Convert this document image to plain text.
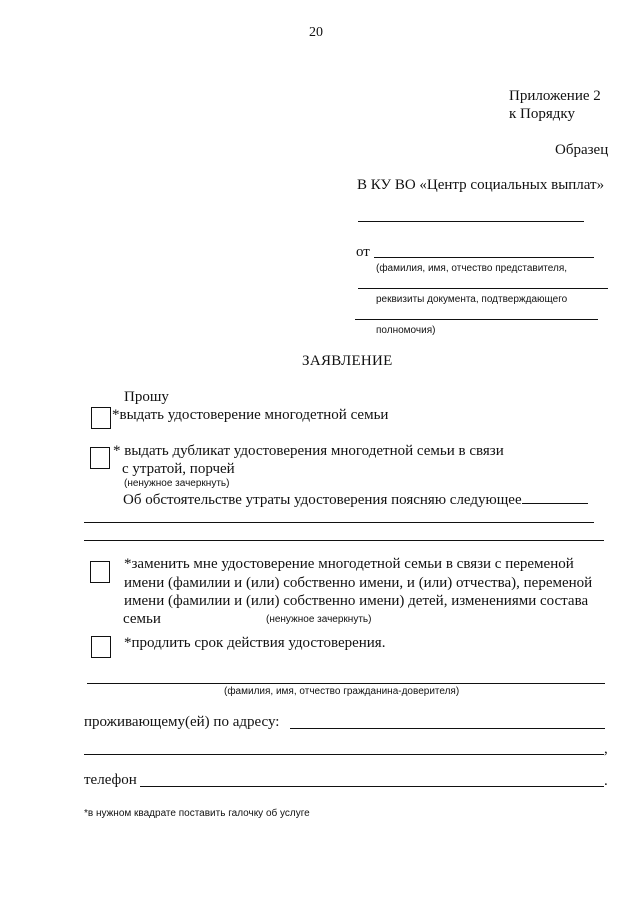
20
Приложение 2
к Порядку
Образец
В КУ ВО «Центр социальных выплат»
от
(фамилия, имя, отчество представителя,
реквизиты документа, подтверждающего
полномочия)
ЗАЯВЛЕНИЕ
Прошу
*выдать удостоверение многодетной семьи
* выдать дубликат удостоверения многодетной семьи в связи
с утратой, порчей
(ненужное зачеркнуть)
Об обстоятельстве утраты удостоверения поясняю следующее
*заменить мне удостоверение многодетной семьи в связи с переменой
имени (фамилии и (или) собственно имени, и (или) отчества), переменой
имени (фамилии и (или) собственно имени) детей, изменениями состава
семьи	(ненужное зачеркнуть)
*продлить срок действия удостоверения.
(фамилия, имя, отчество гражданина-доверителя)
проживающему(ей) по адресу:
,
телефон	.
*в нужном квадрате поставить галочку об услуге
